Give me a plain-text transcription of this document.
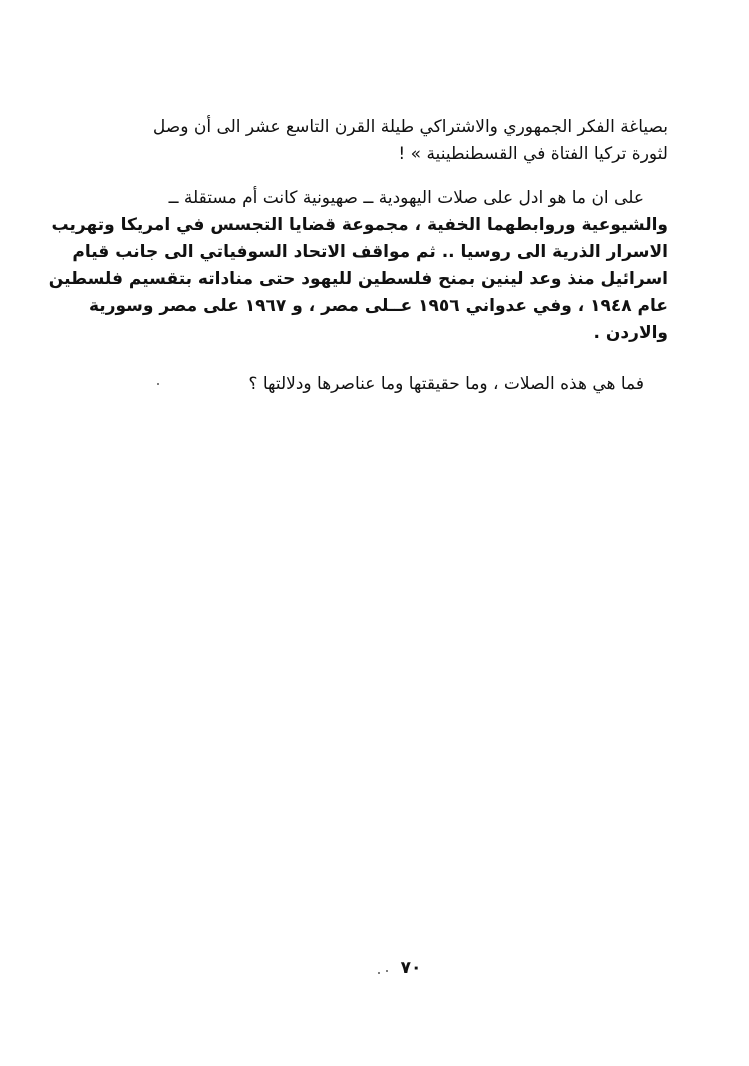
بصياغة الفكر الجمهوري والاشتراكي طيلة القرن التاسع عشر الى أن وصل
لثورة تركيا الفتاة في القسطنطينية » !
على ان ما هو ادل على صلات اليهودية ــ صهيونية كانت أم مستقلة ــ
والشيوعية وروابطهما الخفية ، مجموعة قضايا التجسس في امريكا وتهريب
الاسرار الذرية الى روسيا .. ثم مواقف الاتحاد السوفياتي الى جانب قيام
اسرائيل منذ وعد لينين بمنح فلسطين لليهود حتى مناداته بتقسيم فلسطين
عام ١٩٤٨ ، وفي عدواني ١٩٥٦ عــلى مصر ، و ١٩٦٧ على مصر وسورية
والاردن .
فما هي هذه الصلات ، وما حقيقتها وما عناصرها ودلالتها ؟
٧٠
